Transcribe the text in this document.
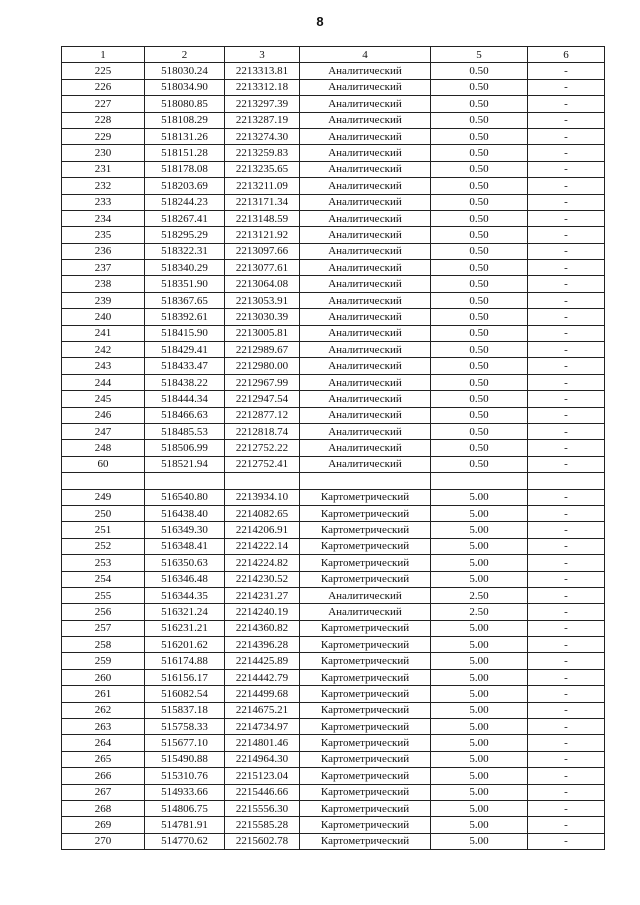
8
1	2	3	4	5	6
225	518030.24	2213313.81	Аналитический	0.50	-
226	518034.90	2213312.18	Аналитический	0.50	-
227	518080.85	2213297.39	Аналитический	0.50	-
228	518108.29	2213287.19	Аналитический	0.50	-
229	518131.26	2213274.30	Аналитический	0.50	-
230	518151.28	2213259.83	Аналитический	0.50	-
231	518178.08	2213235.65	Аналитический	0.50	-
232	518203.69	2213211.09	Аналитический	0.50	-
233	518244.23	2213171.34	Аналитический	0.50	-
234	518267.41	2213148.59	Аналитический	0.50	-
235	518295.29	2213121.92	Аналитический	0.50	-
236	518322.31	2213097.66	Аналитический	0.50	-
237	518340.29	2213077.61	Аналитический	0.50	-
238	518351.90	2213064.08	Аналитический	0.50	-
239	518367.65	2213053.91	Аналитический	0.50	-
240	518392.61	2213030.39	Аналитический	0.50	-
241	518415.90	2213005.81	Аналитический	0.50	-
242	518429.41	2212989.67	Аналитический	0.50	-
243	518433.47	2212980.00	Аналитический	0.50	-
244	518438.22	2212967.99	Аналитический	0.50	-
245	518444.34	2212947.54	Аналитический	0.50	-
246	518466.63	2212877.12	Аналитический	0.50	-
247	518485.53	2212818.74	Аналитический	0.50	-
248	518506.99	2212752.22	Аналитический	0.50	-
60	518521.94	2212752.41	Аналитический	0.50	-

249	516540.80	2213934.10	Картометрический	5.00	-
250	516438.40	2214082.65	Картометрический	5.00	-
251	516349.30	2214206.91	Картометрический	5.00	-
252	516348.41	2214222.14	Картометрический	5.00	-
253	516350.63	2214224.82	Картометрический	5.00	-
254	516346.48	2214230.52	Картометрический	5.00	-
255	516344.35	2214231.27	Аналитический	2.50	-
256	516321.24	2214240.19	Аналитический	2.50	-
257	516231.21	2214360.82	Картометрический	5.00	-
258	516201.62	2214396.28	Картометрический	5.00	-
259	516174.88	2214425.89	Картометрический	5.00	-
260	516156.17	2214442.79	Картометрический	5.00	-
261	516082.54	2214499.68	Картометрический	5.00	-
262	515837.18	2214675.21	Картометрический	5.00	-
263	515758.33	2214734.97	Картометрический	5.00	-
264	515677.10	2214801.46	Картометрический	5.00	-
265	515490.88	2214964.30	Картометрический	5.00	-
266	515310.76	2215123.04	Картометрический	5.00	-
267	514933.66	2215446.66	Картометрический	5.00	-
268	514806.75	2215556.30	Картометрический	5.00	-
269	514781.91	2215585.28	Картометрический	5.00	-
270	514770.62	2215602.78	Картометрический	5.00	-
